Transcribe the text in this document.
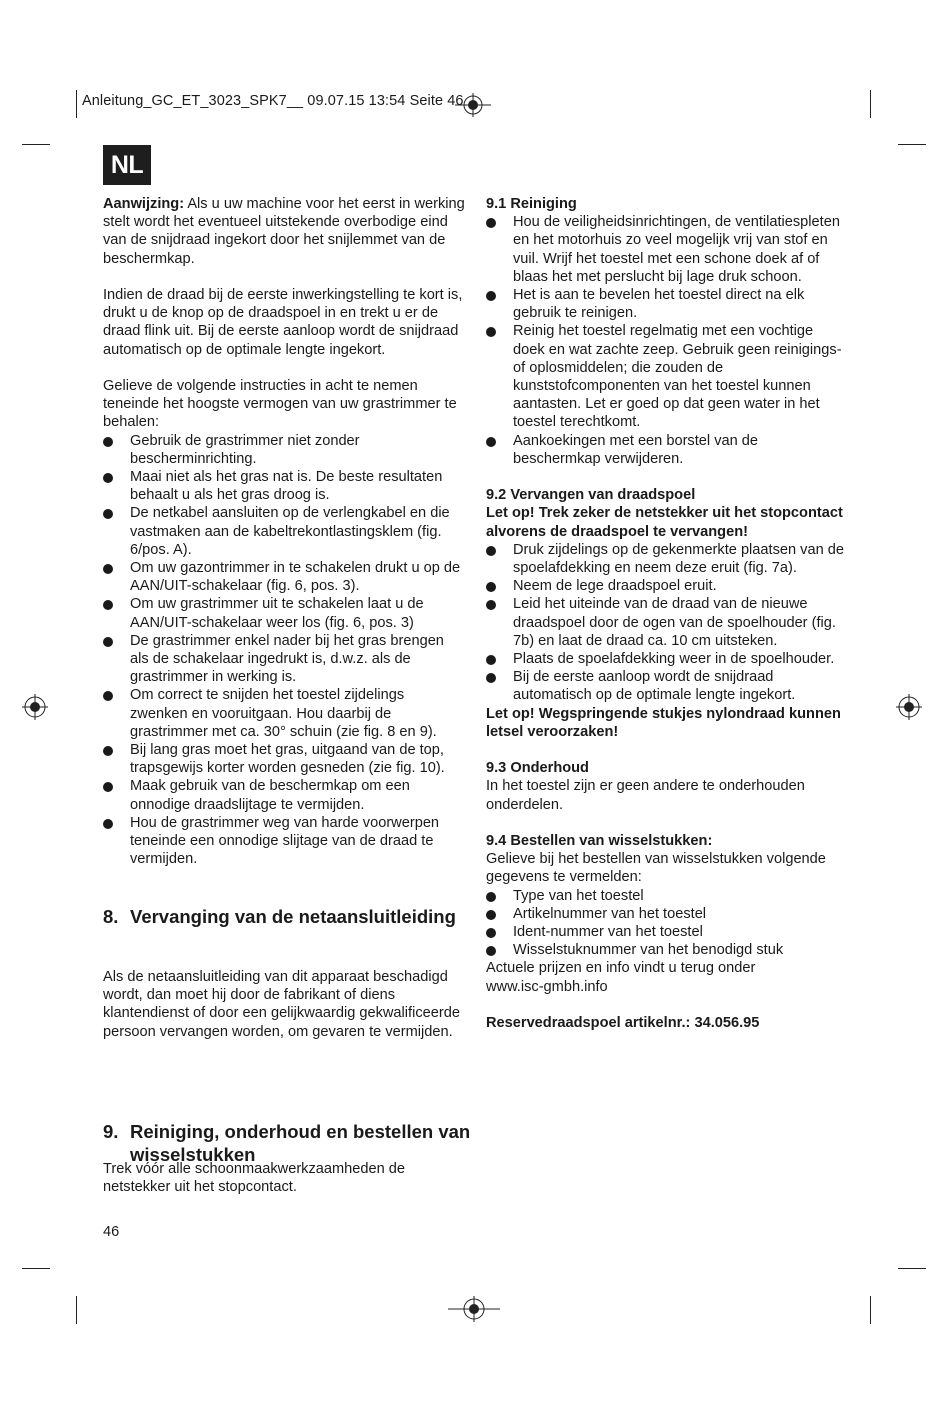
Anleitung_GC_ET_3023_SPK7__ 09.07.15 13:54 Seite 46
NL

Aanwijzing: Als u uw machine voor het eerst in werking stelt wordt het eventueel uitstekende overbodige eind van de snijdraad ingekort door het snijlemmet van de beschermkap.

Indien de draad bij de eerste inwerkingstelling te kort is, drukt u de knop op de draadspoel in en trekt u er de draad flink uit. Bij de eerste aanloop wordt de snijdraad automatisch op de optimale lengte ingekort.

Gelieve de volgende instructies in acht te nemen teneinde het hoogste vermogen van uw grastrimmer te behalen:

Gebruik de grastrimmer niet zonder bescherminrichting.
Maai niet als het gras nat is. De beste resultaten behaalt u als het gras droog is.
De netkabel aansluiten op de verlengkabel en die vastmaken aan de kabeltrekontlastingsklem (fig. 6/pos. A).
Om uw gazontrimmer in te schakelen drukt u op de AAN/UIT-schakelaar (fig. 6, pos. 3).
Om uw grastrimmer uit te schakelen laat u de AAN/UIT-schakelaar weer los (fig. 6, pos. 3)
De grastrimmer enkel nader bij het gras brengen als de schakelaar ingedrukt is, d.w.z. als de grastrimmer in werking is.
Om correct te snijden het toestel zijdelings zwenken en vooruitgaan. Hou daarbij de grastrimmer met ca. 30° schuin (zie fig. 8 en 9).
Bij lang gras moet het gras, uitgaand van de top, trapsgewijs korter worden gesneden (zie fig. 10).
Maak gebruik van de beschermkap om een onnodige draadslijtage te vermijden.
Hou de grastrimmer weg van harde voorwerpen teneinde een onnodige slijtage van de draad te vermijden.
8. Vervanging van de netaansluitleiding

Als de netaansluitleiding van dit apparaat beschadigd wordt, dan moet hij door de fabrikant of diens klantendienst of door een gelijkwaardig gekwalificeerde persoon vervangen worden, om gevaren te vermijden.

9. Reiniging, onderhoud en bestellen van wisselstukken

Trek vóór alle schoonmaakwerkzaamheden de netstekker uit het stopcontact.

9.1 Reiniging

Hou de veiligheidsinrichtingen, de ventilatiespleten en het motorhuis zo veel mogelijk vrij van stof en vuil. Wrijf het toestel met een schone doek af of blaas het met perslucht bij lage druk schoon.
Het is aan te bevelen het toestel direct na elk gebruik te reinigen.
Reinig het toestel regelmatig met een vochtige doek en wat zachte zeep. Gebruik geen reinigings- of oplosmiddelen; die zouden de kunststofcomponenten van het toestel kunnen aantasten. Let er goed op dat geen water in het toestel terechtkomt.
Aankoekingen met een borstel van de beschermkap verwijderen.

9.2 Vervangen van draadspoel

Let op! Trek zeker de netstekker uit het stopcontact alvorens de draadspoel te vervangen!

Druk zijdelings op de gekenmerkte plaatsen van de spoelafdekking en neem deze eruit (fig. 7a).
Neem de lege draadspoel eruit.
Leid het uiteinde van de draad van de nieuwe draadspoel door de ogen van de spoelhouder (fig. 7b) en laat de draad ca. 10 cm uitsteken.
Plaats de spoelafdekking weer in de spoelhouder.
Bij de eerste aanloop wordt de snijdraad automatisch op de optimale lengte ingekort.

Let op! Wegspringende stukjes nylondraad kunnen letsel veroorzaken!

9.3 Onderhoud

In het toestel zijn er geen andere te onderhouden onderdelen.

9.4 Bestellen van wisselstukken:

Gelieve bij het bestellen van wisselstukken volgende gegevens te vermelden:

Type van het toestel
Artikelnummer van het toestel
Ident-nummer van het toestel
Wisselstuknummer van het benodigd stuk

Actuele prijzen en info vindt u terug onder www.isc-gmbh.info

Reservedraadspoel artikelnr.: 34.056.95

46
